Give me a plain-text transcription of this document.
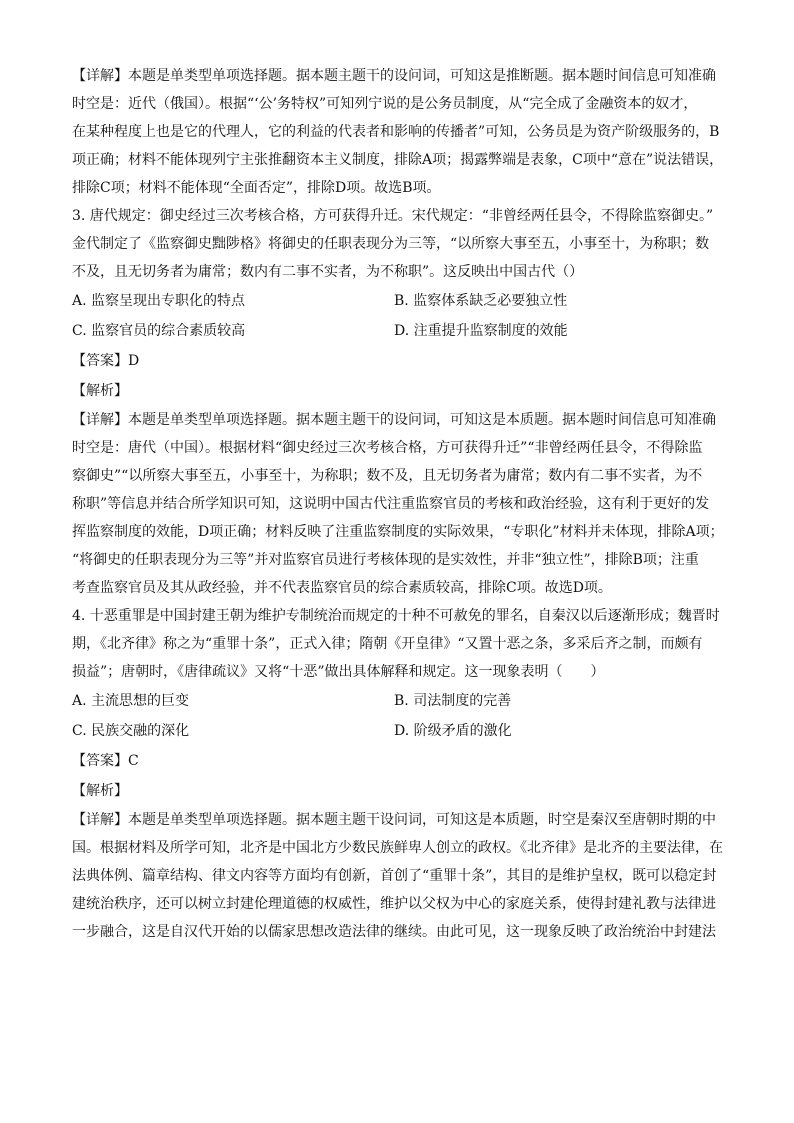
【详解】本题是单类型单项选择题。据本题主题干的设问词，可知这是推断题。据本题时间信息可知准确
时空是：近代（俄国）。根据“‘公’务特权”可知列宁说的是公务员制度，从“完全成了金融资本的奴才，
在某种程度上也是它的代理人，它的利益的代表者和影响的传播者”可知，公务员是为资产阶级服务的，B
项正确；材料不能体现列宁主张推翻资本主义制度，排除A项；揭露弊端是表象，C项中“意在”说法错误，
排除C项；材料不能体现“全面否定”，排除D项。故选B项。
3. 唐代规定：御史经过三次考核合格，方可获得升迁。宋代规定：“非曾经两任县令，不得除监察御史。”
金代制定了《监察御史黜陟格》将御史的任职表现分为三等，“以所察大事至五，小事至十，为称职；数
不及，且无切务者为庸常；数内有二事不实者，为不称职”。这反映出中国古代（）
A. 监察呈现出专职化的特点	B. 监察体系缺乏必要独立性
C. 监察官员的综合素质较高	D. 注重提升监察制度的效能
【答案】D
【解析】
【详解】本题是单类型单项选择题。据本题主题干的设问词，可知这是本质题。据本题时间信息可知准确
时空是：唐代（中国）。根据材料“御史经过三次考核合格，方可获得升迁”“非曾经两任县令，不得除监
察御史”“以所察大事至五，小事至十，为称职；数不及，且无切务者为庸常；数内有二事不实者，为不
称职”等信息并结合所学知识可知，这说明中国古代注重监察官员的考核和政治经验，这有利于更好的发
挥监察制度的效能，D项正确；材料反映了注重监察制度的实际效果，“专职化”材料并未体现，排除A项；
“将御史的任职表现分为三等”并对监察官员进行考核体现的是实效性，并非“独立性”，排除B项；注重
考查监察官员及其从政经验，并不代表监察官员的综合素质较高，排除C项。故选D项。
4. 十恶重罪是中国封建王朝为维护专制统治而规定的十种不可赦免的罪名，自秦汉以后逐渐形成；魏晋时
期，《北齐律》称之为“重罪十条”，正式入律；隋朝《开皇律》“又置十恶之条，多采后齐之制，而颇有
损益”；唐朝时，《唐律疏议》又将“十恶”做出具体解释和规定。这一现象表明（　　）
A. 主流思想的巨变	B. 司法制度的完善
C. 民族交融的深化	D. 阶级矛盾的激化
【答案】C
【解析】
【详解】本题是单类型单项选择题。据本题主题干设问词，可知这是本质题，时空是秦汉至唐朝时期的中
国。根据材料及所学可知，北齐是中国北方少数民族鲜卑人创立的政权。《北齐律》是北齐的主要法律，在
法典体例、篇章结构、律文内容等方面均有创新，首创了“重罪十条”，其目的是维护皇权，既可以稳定封
建统治秩序，还可以树立封建伦理道德的权威性，维护以父权为中心的家庭关系，使得封建礼教与法律进
一步融合，这是自汉代开始的以儒家思想改造法律的继续。由此可见，这一现象反映了政治统治中封建法
